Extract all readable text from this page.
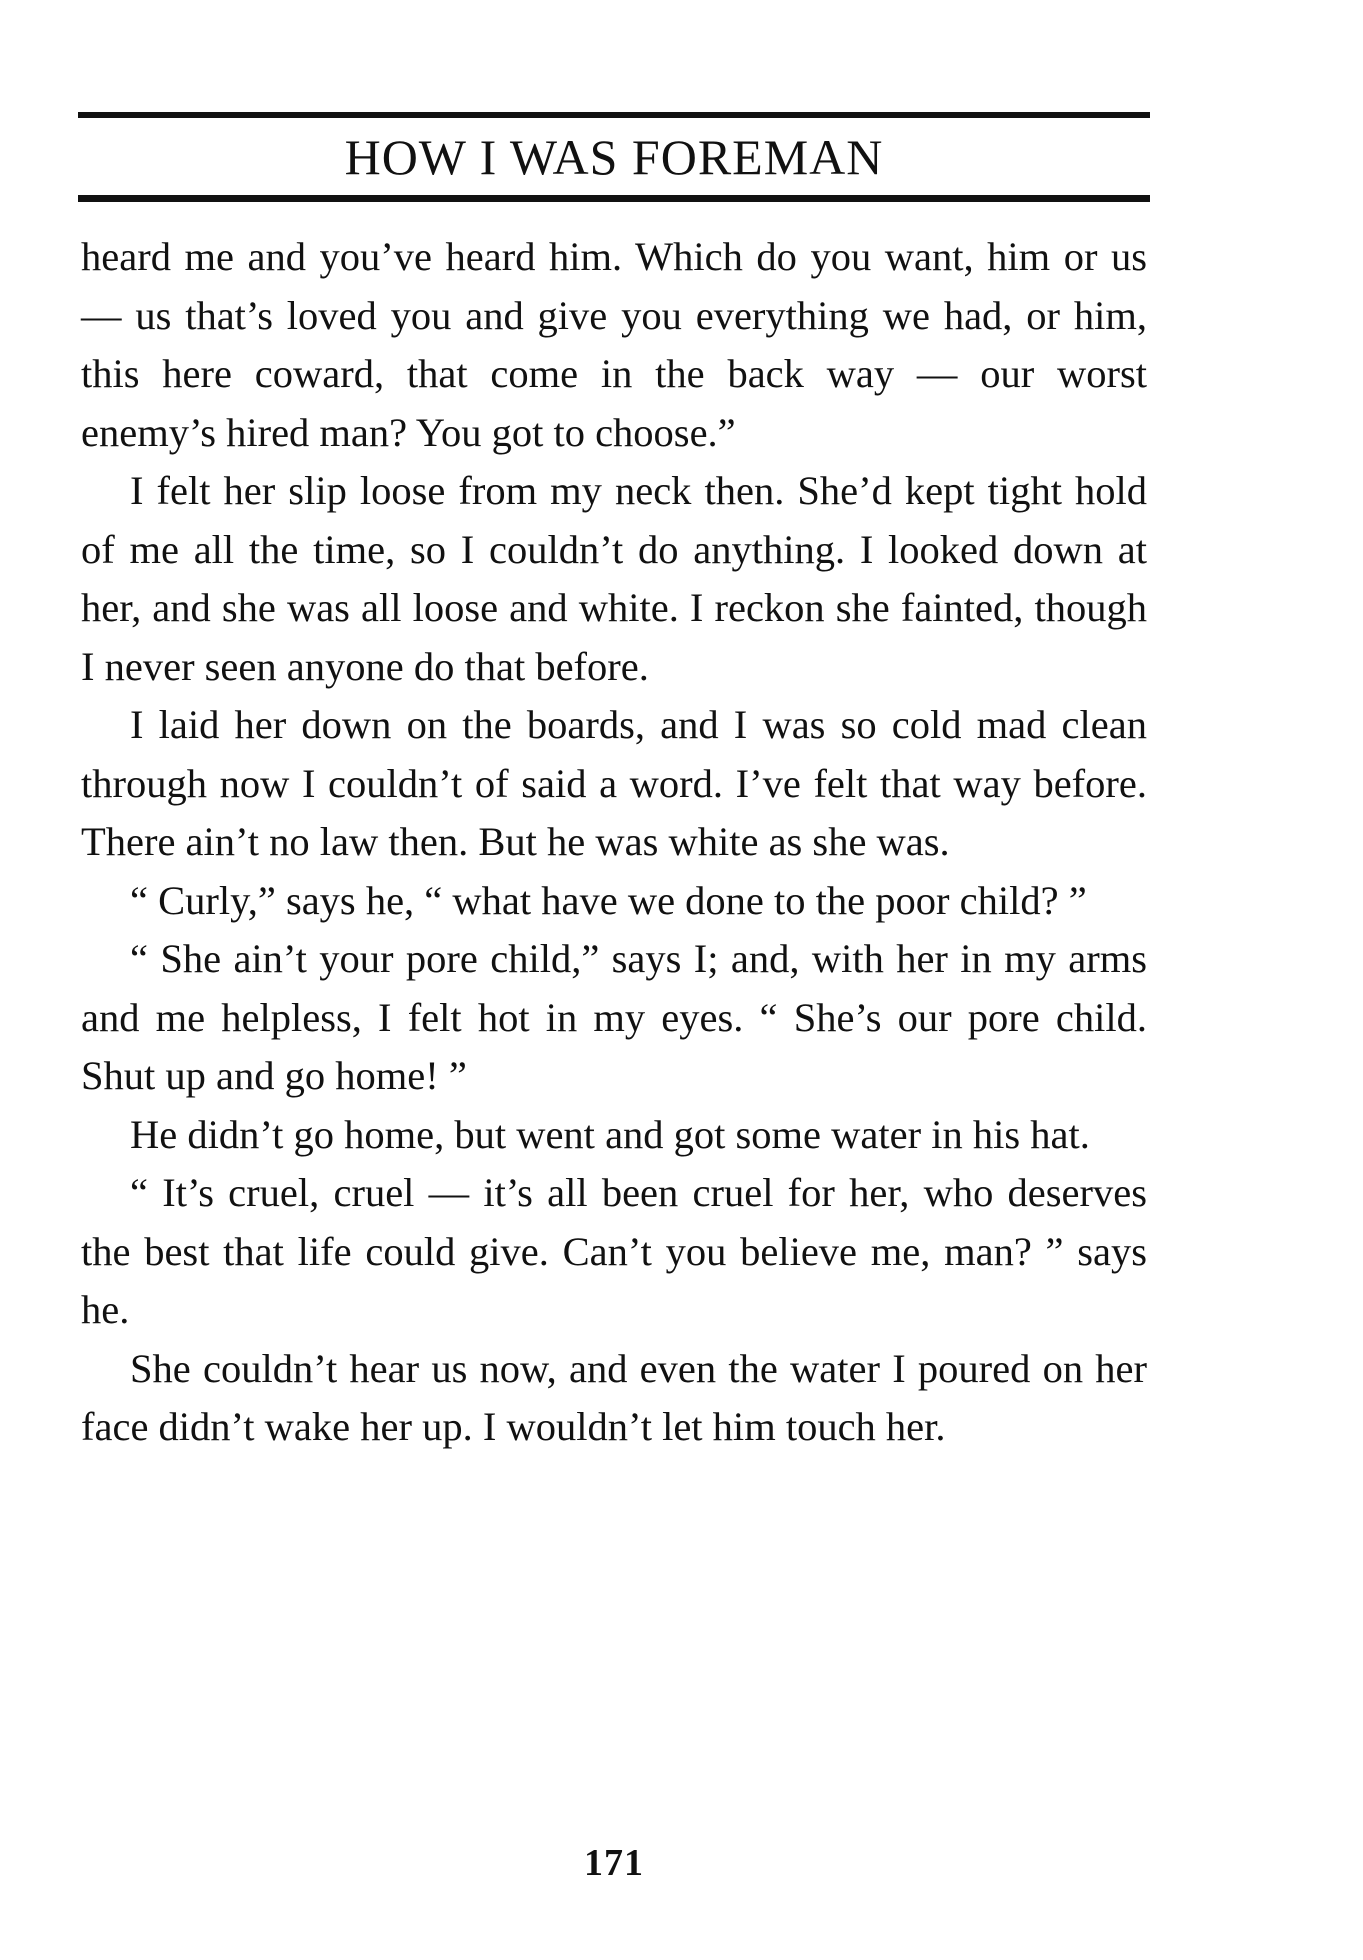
HOW I WAS FOREMAN

heard me and you’ve heard him. Which do you want, him or us — us that’s loved you and give you everything we had, or him, this here coward, that come in the back way — our worst enemy’s hired man? You got to choose.”

I felt her slip loose from my neck then. She’d kept tight hold of me all the time, so I couldn’t do anything. I looked down at her, and she was all loose and white. I reckon she fainted, though I never seen anyone do that before.

I laid her down on the boards, and I was so cold mad clean through now I couldn’t of said a word. I’ve felt that way before. There ain’t no law then. But he was white as she was.

“ Curly,” says he, “ what have we done to the poor child? ”

“ She ain’t your pore child,” says I; and, with her in my arms and me helpless, I felt hot in my eyes. “ She’s our pore child. Shut up and go home! ”

He didn’t go home, but went and got some water in his hat.

“ It’s cruel, cruel — it’s all been cruel for her, who deserves the best that life could give. Can’t you believe me, man? ” says he.

She couldn’t hear us now, and even the water I poured on her face didn’t wake her up. I wouldn’t let him touch her.

171
